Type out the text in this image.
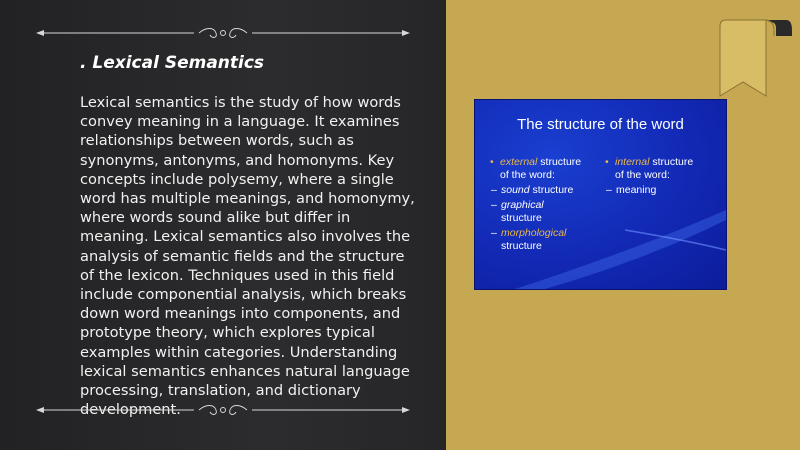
. Lexical Semantics

Lexical semantics is the study of how words convey meaning in a language. It examines relationships between words, such as synonyms, antonyms, and homonyms. Key concepts include polysemy, where a single word has multiple meanings, and homonymy, where words sound alike but differ in meaning. Lexical semantics also involves the analysis of semantic fields and the structure of the lexicon. Techniques used in this field include componential analysis, which breaks down word meanings into components, and prototype theory, which explores typical examples within categories. Understanding lexical semantics enhances natural language processing, translation, and dictionary development.

The structure of the word
• external structure
of the word:
– sound structure
– graphical
structure
– morphological
structure
• internal structure
of the word:
– meaning
